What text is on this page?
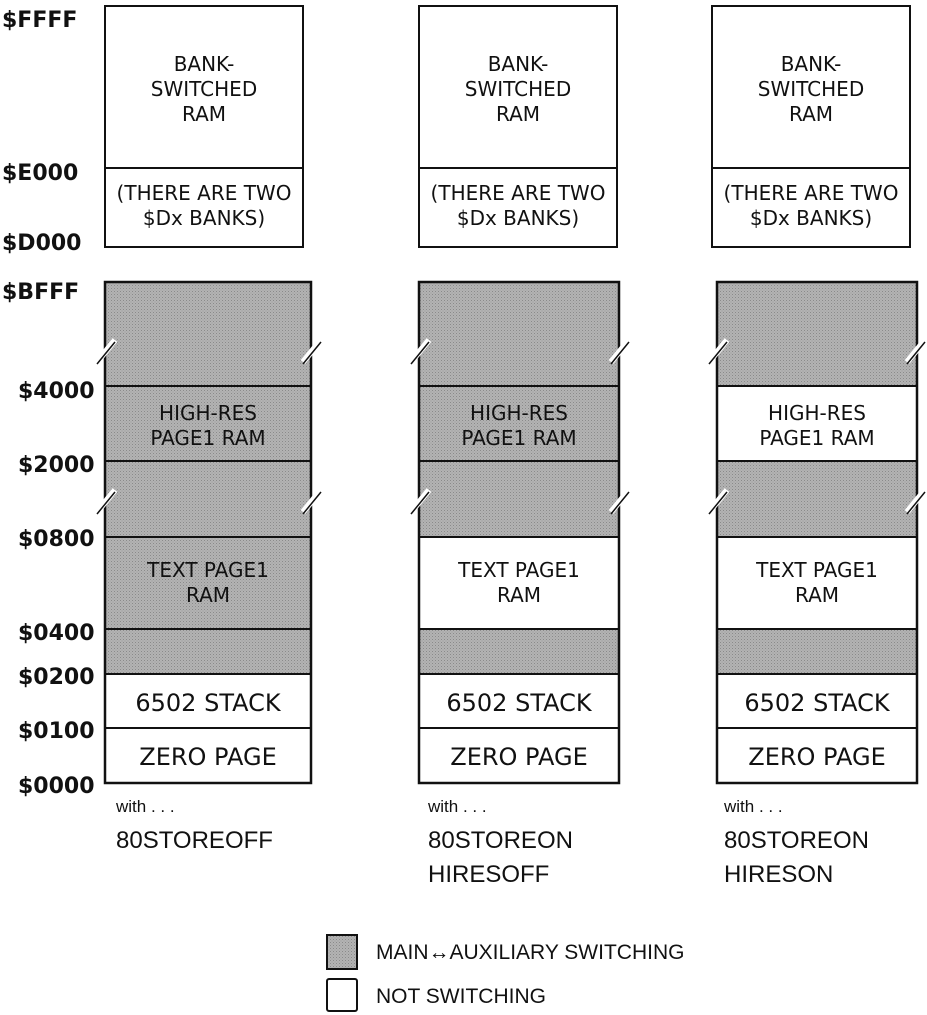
$FFFF
$E000
$D000
$BFFF
$4000
$2000
$0800
$0400
$0200
$0100
$0000
BANK-
SWITCHED
RAM
(THERE ARE TWO
$Dx BANKS)
HIGH-RES
PAGE1 RAM
TEXT PAGE1
RAM
6502 STACK
ZERO PAGE
with . . .
80STOREOFF
BANK-
SWITCHED
RAM
(THERE ARE TWO
$Dx BANKS)
HIGH-RES
PAGE1 RAM
TEXT PAGE1
RAM
6502 STACK
ZERO PAGE
with . . .
80STOREON
HIRESOFF
BANK-
SWITCHED
RAM
(THERE ARE TWO
$Dx BANKS)
HIGH-RES
PAGE1 RAM
TEXT PAGE1
RAM
6502 STACK
ZERO PAGE
with . . .
80STOREON
HIRESON
MAIN↔AUXILIARY SWITCHING
NOT SWITCHING
